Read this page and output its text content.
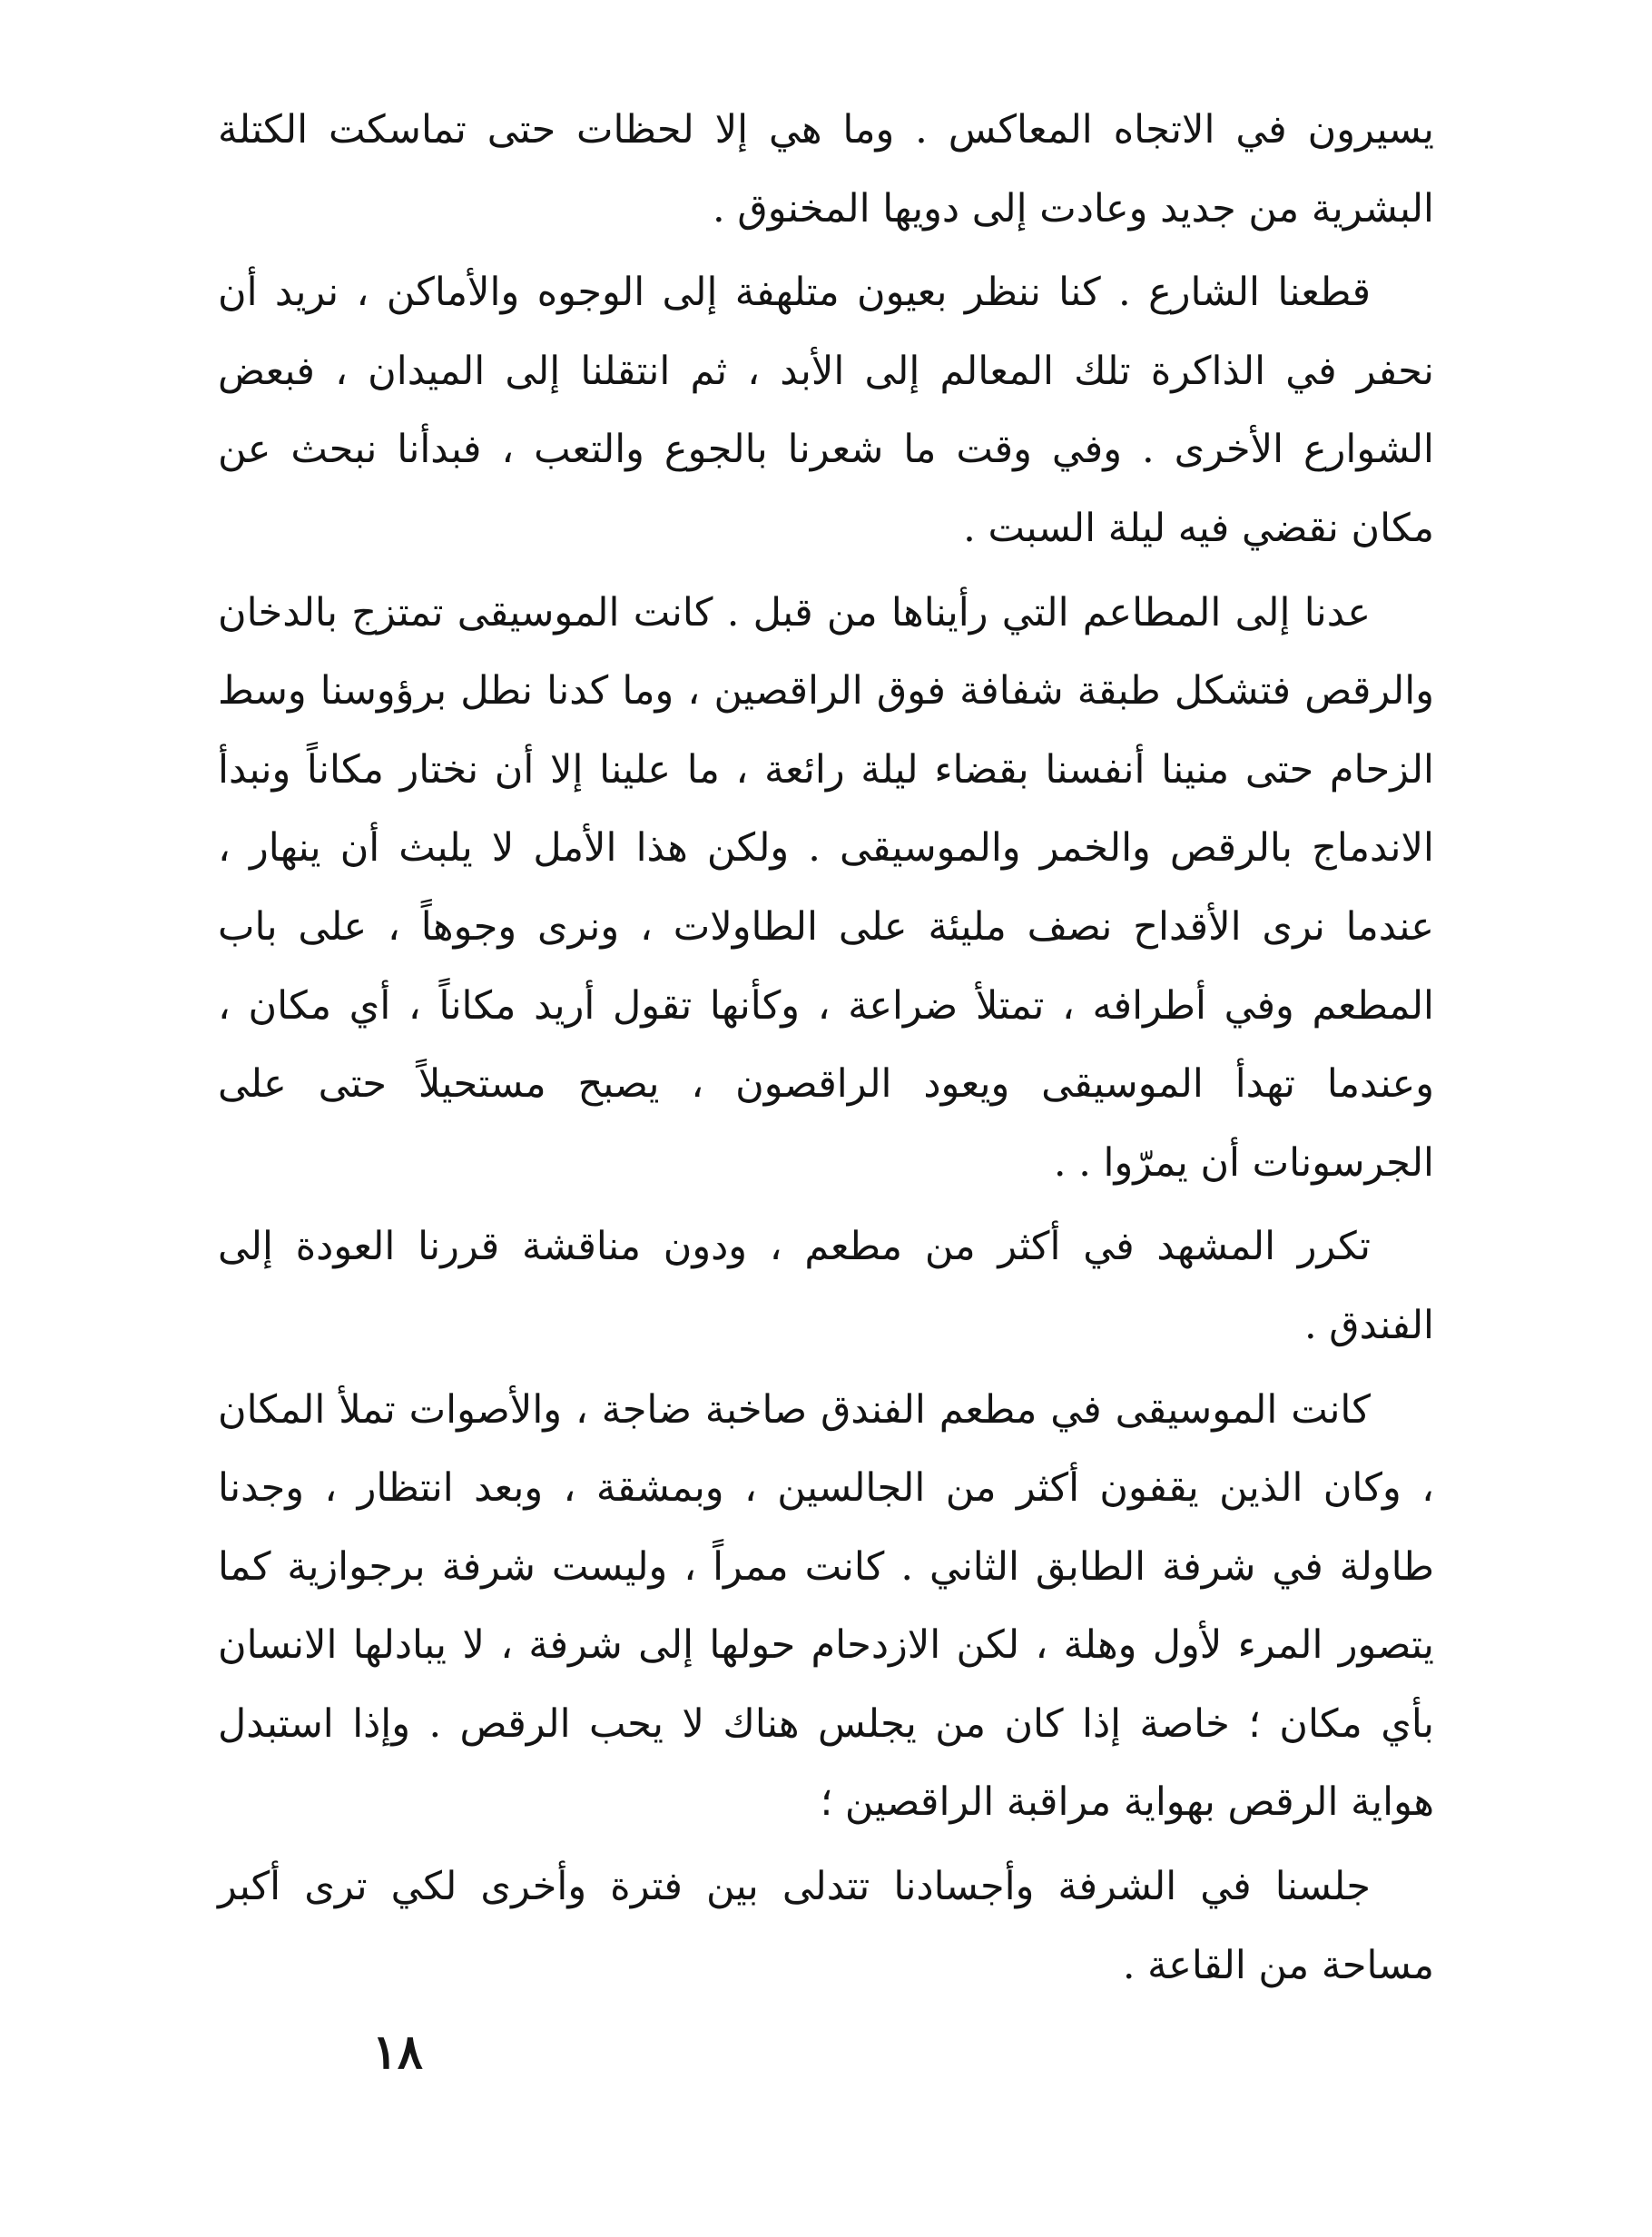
يسيرون في الاتجاه المعاكس . وما هي إلا لحظات حتى تماسكت الكتلة البشرية من جديد وعادت إلى دويها المخنوق .

قطعنا الشارع . كنا ننظر بعيون متلهفة إلى الوجوه والأماكن ، نريد أن نحفر في الذاكرة تلك المعالم إلى الأبد ، ثم انتقلنا إلى الميدان ، فبعض الشوارع الأخرى . وفي وقت ما شعرنا بالجوع والتعب ، فبدأنا نبحث عن مكان نقضي فيه ليلة السبت .

عدنا إلى المطاعم التي رأيناها من قبل . كانت الموسيقى تمتزج بالدخان والرقص فتشكل طبقة شفافة فوق الراقصين ، وما كدنا نطل برؤوسنا وسط الزحام حتى منينا أنفسنا بقضاء ليلة رائعة ، ما علينا إلا أن نختار مكاناً ونبدأ الاندماج بالرقص والخمر والموسيقى . ولكن هذا الأمل لا يلبث أن ينهار ، عندما نرى الأقداح نصف مليئة على الطاولات ، ونرى وجوهاً ، على باب المطعم وفي أطرافه ، تمتلأ ضراعة ، وكأنها تقول أريد مكاناً ، أي مكان ، وعندما تهدأ الموسيقى ويعود الراقصون ، يصبح مستحيلاً حتى على الجرسونات أن يمرّوا . .

تكرر المشهد في أكثر من مطعم ، ودون مناقشة قررنا العودة إلى الفندق .

كانت الموسيقى في مطعم الفندق صاخبة ضاجة ، والأصوات تملأ المكان ، وكان الذين يقفون أكثر من الجالسين ، وبمشقة ، وبعد انتظار ، وجدنا طاولة في شرفة الطابق الثاني . كانت ممراً ، وليست شرفة برجوازية كما يتصور المرء لأول وهلة ، لكن الازدحام حولها إلى شرفة ، لا يبادلها الانسان بأي مكان ؛ خاصة إذا كان من يجلس هناك لا يحب الرقص . وإذا استبدل هواية الرقص بهواية مراقبة الراقصين ؛

جلسنا في الشرفة وأجسادنا تتدلى بين فترة وأخرى لكي ترى أكبر مساحة من القاعة .

١٨
